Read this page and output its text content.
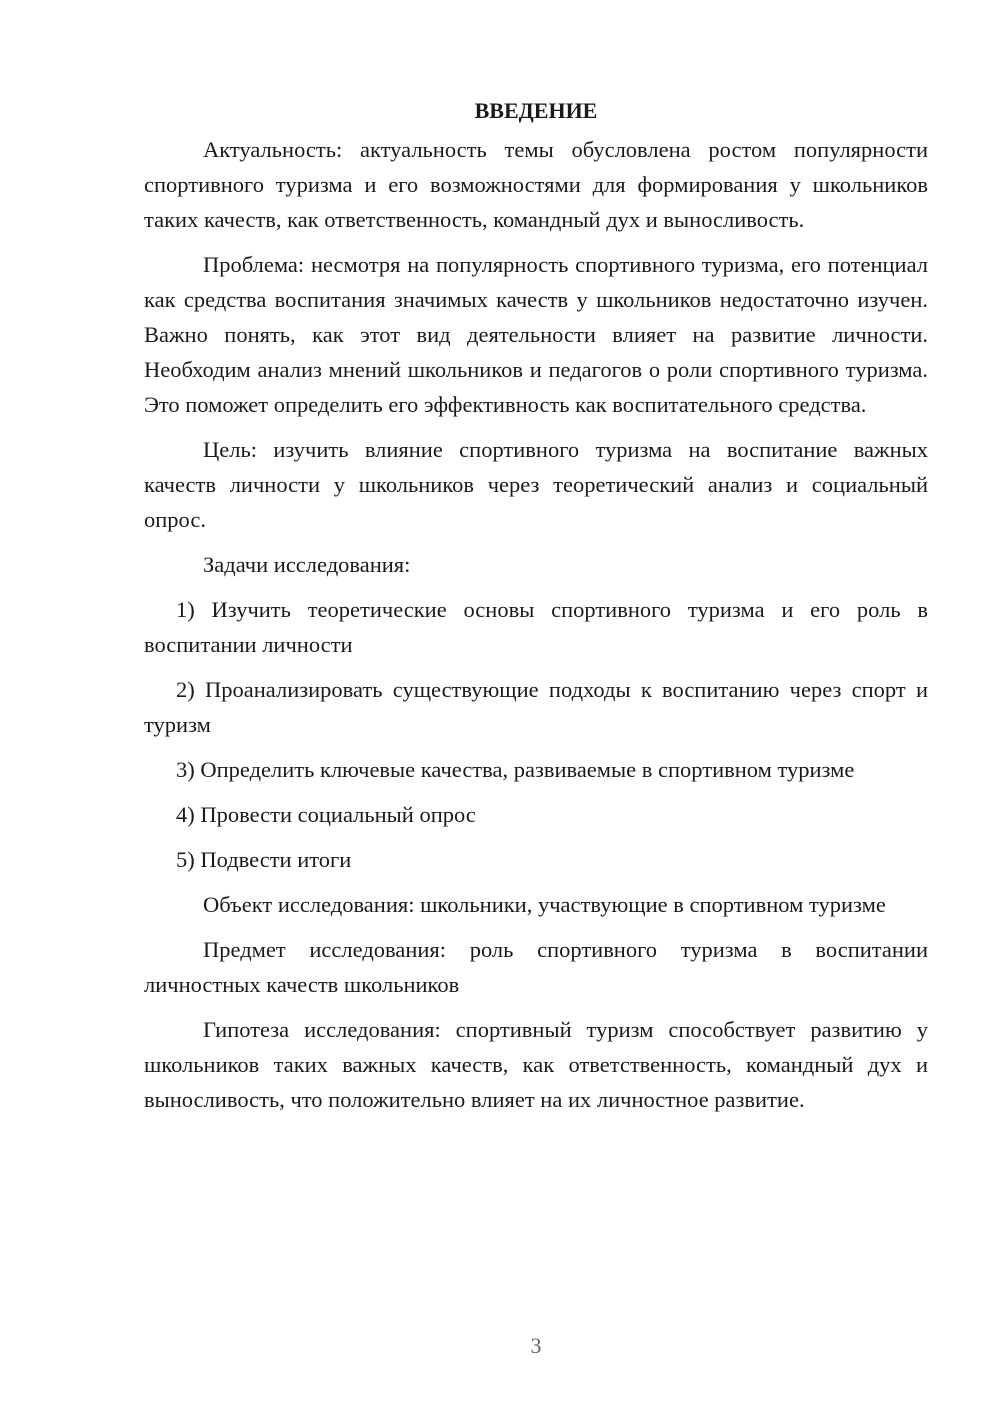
ВВЕДЕНИЕ

Актуальность: актуальность темы обусловлена ростом популярности спортивного туризма и его возможностями для формирования у школьников таких качеств, как ответственность, командный дух и выносливость.

Проблема: несмотря на популярность спортивного туризма, его потенциал как средства воспитания значимых качеств у школьников недостаточно изучен. Важно понять, как этот вид деятельности влияет на развитие личности. Необходим анализ мнений школьников и педагогов о роли спортивного туризма. Это поможет определить его эффективность как воспитательного средства.

Цель: изучить влияние спортивного туризма на воспитание важных качеств личности у школьников через теоретический анализ и социальный опрос.

Задачи исследования:

1) Изучить теоретические основы спортивного туризма и его роль в воспитании личности

2) Проанализировать существующие подходы к воспитанию через спорт и туризм

3) Определить ключевые качества, развиваемые в спортивном туризме

4) Провести социальный опрос

5) Подвести итоги

Объект исследования: школьники, участвующие в спортивном туризме

Предмет исследования: роль спортивного туризма в воспитании личностных качеств школьников

Гипотеза исследования: спортивный туризм способствует развитию у школьников таких важных качеств, как ответственность, командный дух и выносливость, что положительно влияет на их личностное развитие.

3
